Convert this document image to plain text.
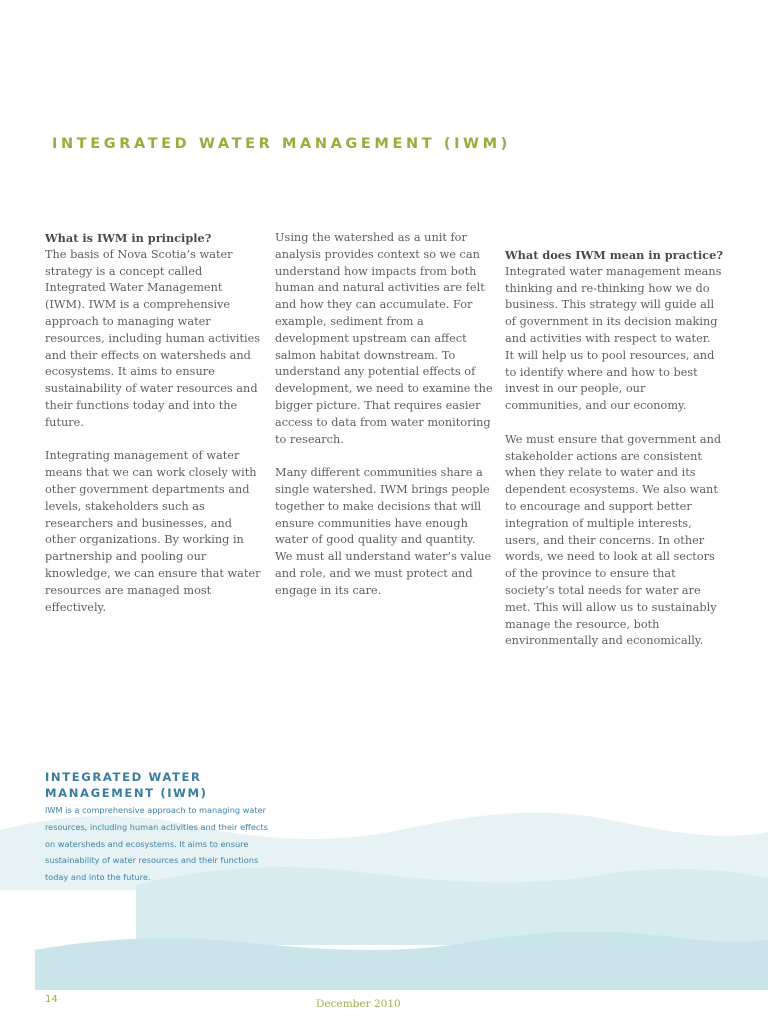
INTEGRATED WATER MANAGEMENT (IWM)
What is IWM in principle?

The basis of Nova Scotia’s water strategy is a concept called Integrated Water Management (IWM). IWM is a comprehensive approach to managing water resources, including human activities and their effects on watersheds and ecosystems. It aims to ensure sustainability of water resources and their functions today and into the future.

Integrating management of water means that we can work closely with other government departments and levels, stakeholders such as researchers and businesses, and other organizations. By working in partnership and pooling our knowledge, we can ensure that water resources are managed most effectively.

Using the watershed as a unit for analysis provides context so we can understand how impacts from both human and natural activities are felt and how they can accumulate. For example, sediment from a development upstream can affect salmon habitat downstream. To understand any potential effects of development, we need to examine the bigger picture. That requires easier access to data from water monitoring to research.

Many different communities share a single watershed. IWM brings people together to make decisions that will ensure communities have enough water of good quality and quantity. We must all understand water’s value and role, and we must protect and engage in its care.

What does IWM mean in practice?

Integrated water management means thinking and re-thinking how we do business. This strategy will guide all of government in its decision making and activities with respect to water. It will help us to pool resources, and to identify where and how to best invest in our people, our communities, and our economy.

We must ensure that government and stakeholder actions are consistent when they relate to water and its dependent ecosystems. We also want to encourage and support better integration of multiple interests, users, and their concerns. In other words, we need to look at all sectors of the province to ensure that society’s total needs for water are met. This will allow us to sustainably manage the resource, both environmentally and economically.

INTEGRATED WATER
MANAGEMENT (IWM)

IWM is a comprehensive approach to managing water resources, including human activities and their effects on watersheds and ecosystems. It aims to ensure sustainability of water resources and their functions today and into the future.

14	December 2010
